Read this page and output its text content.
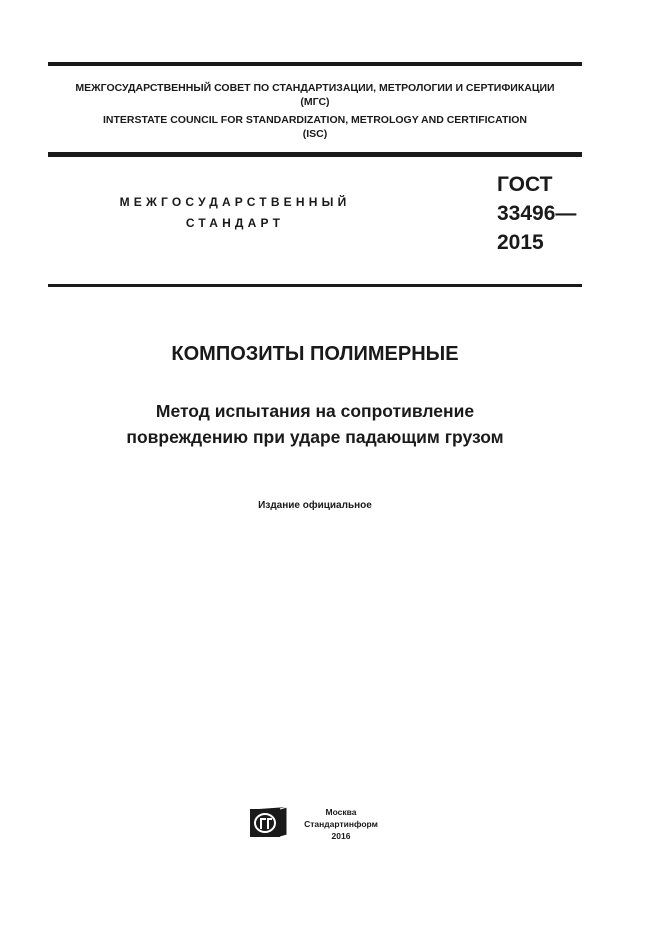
МЕЖГОСУДАРСТВЕННЫЙ СОВЕТ ПО СТАНДАРТИЗАЦИИ, МЕТРОЛОГИИ И СЕРТИФИКАЦИИ
(МГС)
INTERSTATE COUNCIL FOR STANDARDIZATION, METROLOGY AND CERTIFICATION
(ISC)
МЕЖГОСУДАРСТВЕННЫЙ
СТАНДАРТ
ГОСТ
33496—
2015
КОМПОЗИТЫ ПОЛИМЕРНЫЕ
Метод испытания на сопротивление
повреждению при ударе падающим грузом
Издание официальное
Москва
Стандартинформ
2016
